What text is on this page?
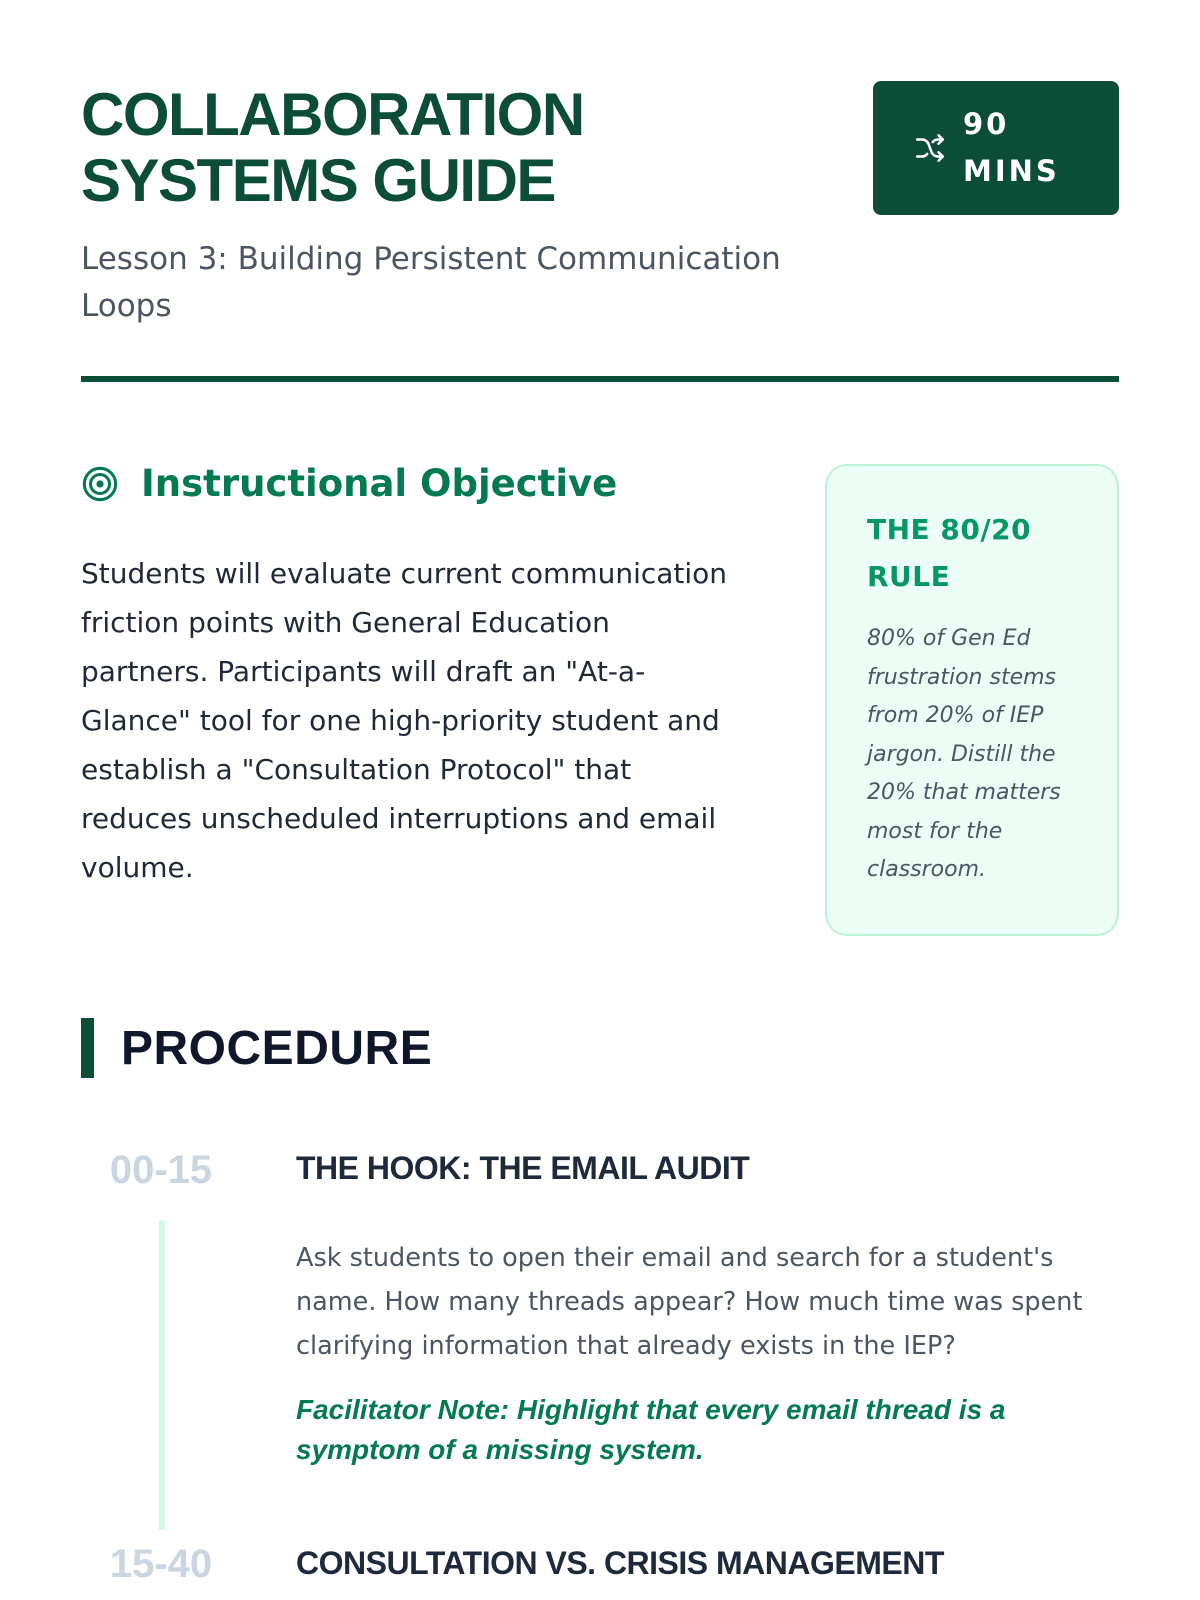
COLLABORATION
SYSTEMS GUIDE
Lesson 3: Building Persistent Communication Loops
90
MINS
Instructional Objective

Students will evaluate current communication friction points with General Education partners. Participants will draft an "At-a-Glance" tool for one high-priority student and establish a "Consultation Protocol" that reduces unscheduled interruptions and email volume.

THE 80/20 RULE

80% of Gen Ed frustration stems from 20% of IEP jargon. Distill the 20% that matters most for the classroom.

PROCEDURE
00-15	THE HOOK: THE EMAIL AUDIT

Ask students to open their email and search for a student's name. How many threads appear? How much time was spent clarifying information that already exists in the IEP?

Facilitator Note: Highlight that every email thread is a symptom of a missing system.

15-40	CONSULTATION VS. CRISIS MANAGEMENT
